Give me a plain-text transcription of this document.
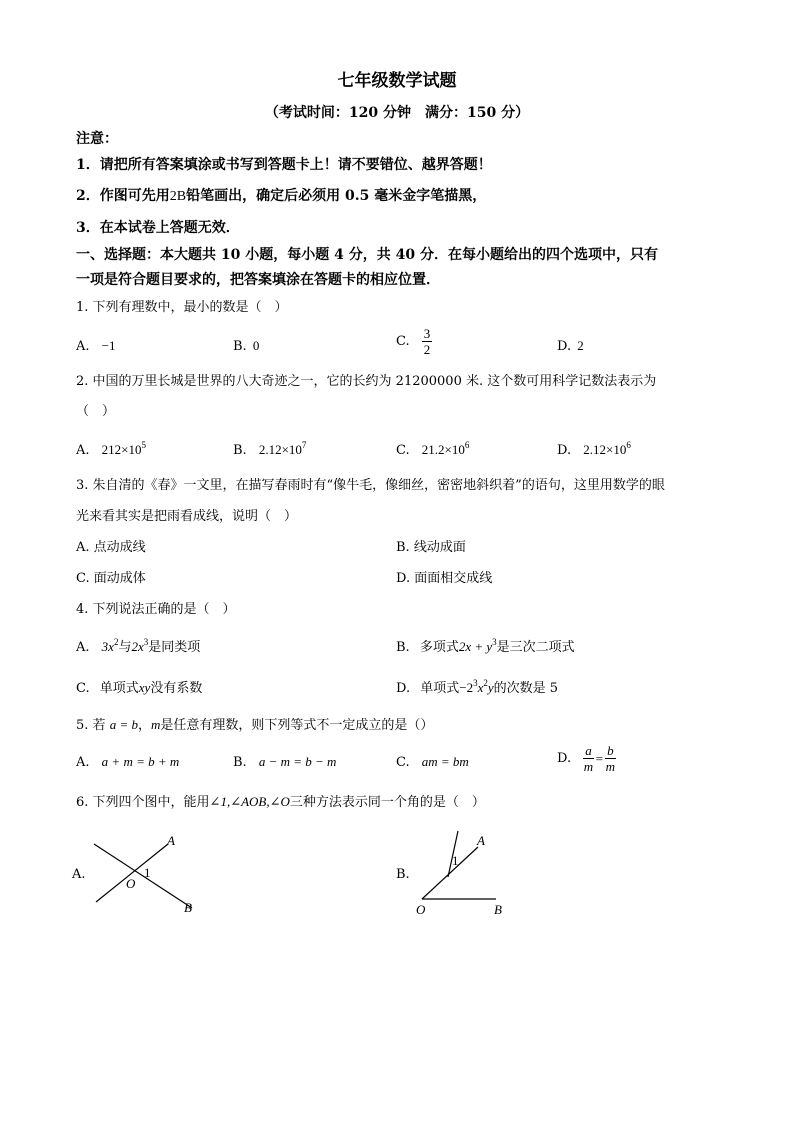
七年级数学试题
（考试时间：120 分钟　满分：150 分）
注意：
1．请把所有答案填涂或书写到答题卡上！请不要错位、越界答题！
2．作图可先用2B铅笔画出，确定后必须用 0.5 毫米金字笔描黑，
3．在本试卷上答题无效．
一、选择题：本大题共 10 小题，每小题 4 分，共 40 分．在每小题给出的四个选项中，只有
一项是符合题目要求的，把答案填涂在答题卡的相应位置．
1. 下列有理数中，最小的数是（　）
A. −1	B. 0	C. $\frac{3}{2}$	D. 2
2. 中国的万里长城是世界的八大奇迹之一，它的长约为 21200000 米. 这个数可用科学记数法表示为
（　）
A. $212\times 10^5$	B. $2.12\times 10^7$	C. $21.2\times 10^6$	D. $2.12\times 10^6$
3. 朱自清的《春》一文里，在描写春雨时有“像牛毛，像细丝，密密地斜织着”的语句，这里用数学的眼
光来看其实是把雨看成线，说明（　）
A. 点动成线	B. 线动成面
C. 面动成体	D. 面面相交成线
4. 下列说法正确的是（　）
A. $3x^2$与$2x^3$是同类项	B. 多项式$2x + y^3$是三次二项式
C. 单项式xy没有系数	D. 单项式$-2^3x^2y$的次数是 5
5. 若 a = b，m是任意有理数，则下列等式不一定成立的是（）
A. a + m = b + m	B. a − m = b − m	C. am = bm	D. $\frac{a}{m} = \frac{b}{m}$
6. 下列四个图中，能用∠1,∠AOB,∠O三种方法表示同一个角的是（　）
A.
A
O
1
B
B.
A
1
O	B
